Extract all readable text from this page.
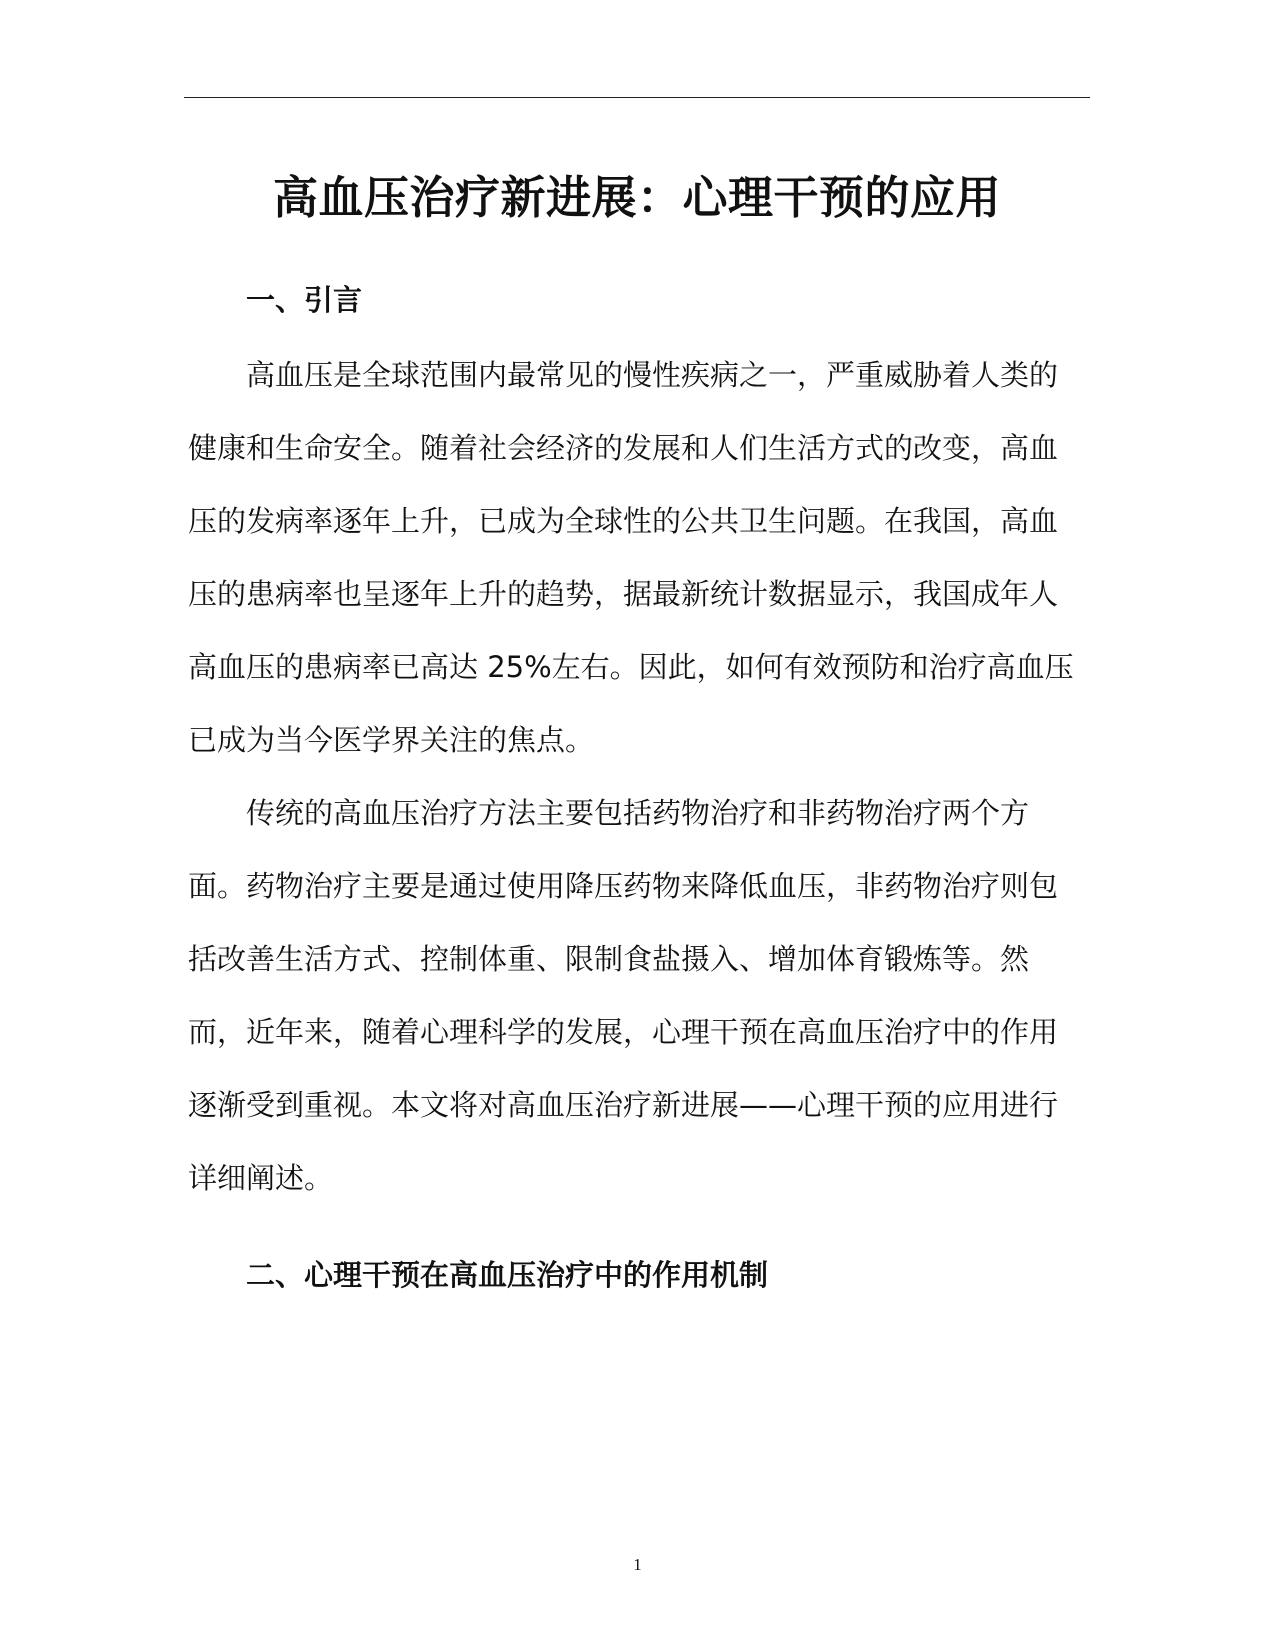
高血压治疗新进展：心理干预的应用
一、引言
高血压是全球范围内最常见的慢性疾病之一，严重威胁着人类的
健康和生命安全。随着社会经济的发展和人们生活方式的改变，高血
压的发病率逐年上升，已成为全球性的公共卫生问题。在我国，高血
压的患病率也呈逐年上升的趋势，据最新统计数据显示，我国成年人
高血压的患病率已高达 25%左右。因此，如何有效预防和治疗高血压
已成为当今医学界关注的焦点。
传统的高血压治疗方法主要包括药物治疗和非药物治疗两个方
面。药物治疗主要是通过使用降压药物来降低血压，非药物治疗则包
括改善生活方式、控制体重、限制食盐摄入、增加体育锻炼等。然
而，近年来，随着心理科学的发展，心理干预在高血压治疗中的作用
逐渐受到重视。本文将对高血压治疗新进展——心理干预的应用进行
详细阐述。
二、心理干预在高血压治疗中的作用机制
1
